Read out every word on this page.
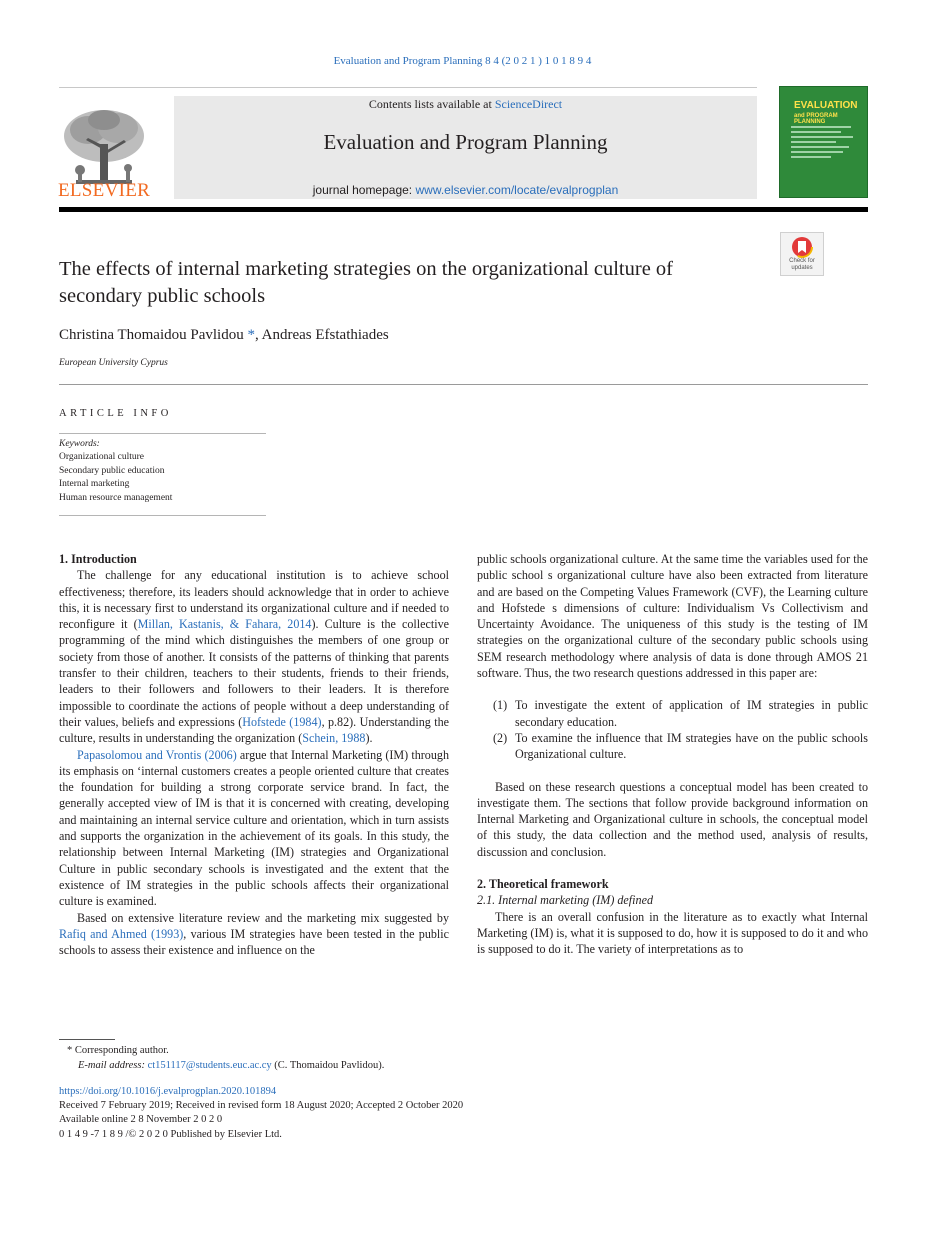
Evaluation and Program Planning 8 4 (2 0 2 1 ) 1 0 1 8 9 4
ELSEVIER
Contents lists available at ScienceDirect
Evaluation and Program Planning
journal homepage: www.elsevier.com/locate/evalprogplan
EVALUATION
and PROGRAM PLANNING
Check for updates
The effects of internal marketing strategies on the organizational culture of secondary public schools
Christina Thomaidou Pavlidou *, Andreas Efstathiades
European University Cyprus
ARTICLE INFO
Keywords:
Organizational culture
Secondary public education
Internal marketing
Human resource management

1. Introduction

The challenge for any educational institution is to achieve school effectiveness; therefore, its leaders should acknowledge that in order to achieve this, it is necessary first to understand its organizational culture and if needed to reconfigure it (Millan, Kastanis, & Fahara, 2014). Culture is the collective programming of the mind which distinguishes the members of one group or society from those of another. It consists of the patterns of thinking that parents transfer to their children, teachers to their students, friends to their friends, leaders to their followers and followers to their leaders. It is therefore impossible to coordinate the actions of people without a deep understanding of their values, beliefs and expressions (Hofstede (1984), p.82). Understanding the culture, results in understanding the organization (Schein, 1988).

Papasolomou and Vrontis (2006) argue that Internal Marketing (IM) through its emphasis on ‘internal customers creates a people oriented culture that creates the foundation for building a strong corporate service brand. In fact, the generally accepted view of IM is that it is concerned with creating, developing and maintaining an internal service culture and orientation, which in turn assists and supports the organization in the achievement of its goals. In this study, the relationship between Internal Marketing (IM) strategies and Organizational Culture in public secondary schools is investigated and the extent that the existence of IM strategies in the public schools affects their organizational culture is examined.

Based on extensive literature review and the marketing mix suggested by Rafiq and Ahmed (1993), various IM strategies have been tested in the public schools to assess their existence and influence on the

public schools organizational culture. At the same time the variables used for the public school s organizational culture have also been extracted from literature and are based on the Competing Values Framework (CVF), the Learning culture and Hofstede s dimensions of culture: Individualism Vs Collectivism and Uncertainty Avoidance. The uniqueness of this study is the testing of IM strategies on the organizational culture of the secondary public schools using SEM research methodology where analysis of data is done through AMOS 21 software. Thus, the two research questions addressed in this paper are:

(1) To investigate the extent of application of IM strategies in public secondary education.
(2) To examine the influence that IM strategies have on the public schools Organizational culture.

Based on these research questions a conceptual model has been created to investigate them. The sections that follow provide background information on Internal Marketing and Organizational culture in schools, the conceptual model of this study, the data collection and the method used, analysis of results, discussion and conclusion.

2. Theoretical framework

2.1. Internal marketing (IM) defined

There is an overall confusion in the literature as to exactly what Internal Marketing (IM) is, what it is supposed to do, how it is supposed to do it and who is supposed to do it. The variety of interpretations as to

* Corresponding author.
E-mail address: ct151117@students.euc.ac.cy (C. Thomaidou Pavlidou).
https://doi.org/10.1016/j.evalprogplan.2020.101894
Received 7 February 2019; Received in revised form 18 August 2020; Accepted 2 October 2020
Available online 2 8 November 2 0 2 0
0 1 4 9 -7 1 8 9 /© 2 0 2 0 Published by Elsevier Ltd.
